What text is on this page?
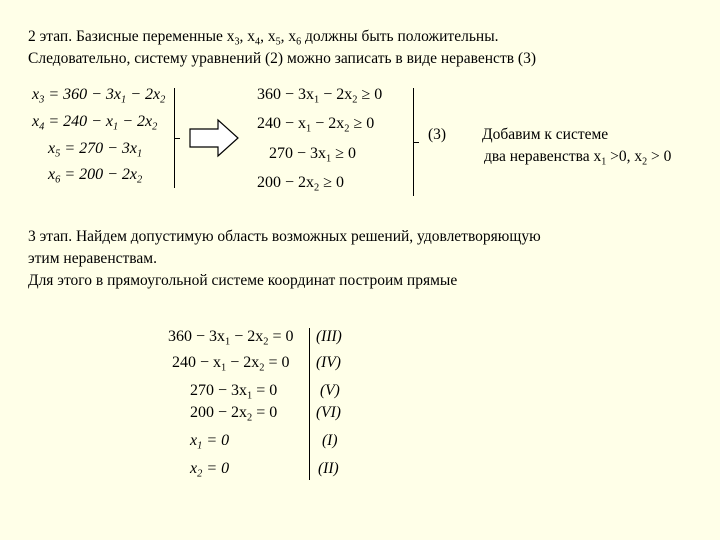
2 этап. Базисные переменные $x_3$, $x_4$, $x_5$, $x_6$ должны быть положительны.
Следовательно, систему уравнений (2) можно записать в виде неравенств (3)
$x_3 = 360 - 3x_1 - 2x_2$
$x_4 = 240 - x_1 - 2x_2$
$x_5 = 270 - 3x_1$
$x_6 = 200 - 2x_2$
$360 - 3x_1 - 2x_2 \ge 0$
$240 - x_1 - 2x_2 \ge 0$
$270 - 3x_1 \ge 0$
$200 - 2x_2 \ge 0$
(3) Добавим к системе
два неравенства $x_1 >0$, $x_2 > 0$
3 этап. Найдем допустимую область возможных решений, удовлетворяющую
этим неравенствам.
Для этого в прямоугольной системе координат построим прямые
$360 - 3x_1 - 2x_2 = 0$ (III)
$240 - x_1 - 2x_2 = 0$ (IV)
$270 - 3x_1 = 0$	(V)
$200 - 2x_2 = 0$ (VI)
$x_1 = 0$	(I)
$x_2 = 0$	(II)
